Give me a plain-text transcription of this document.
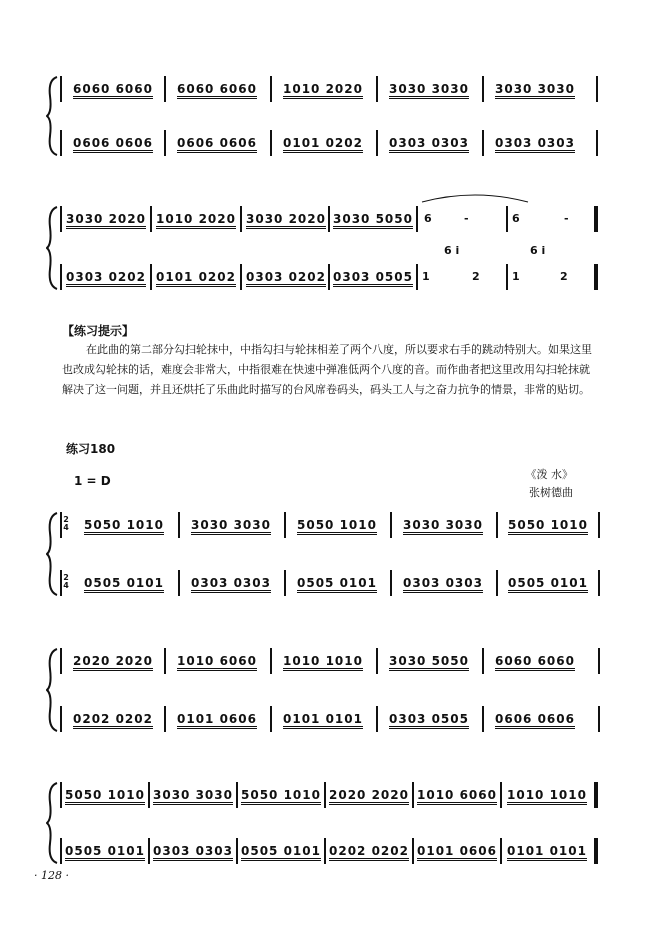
6060 6060 6060 6060 1010 2020 3030 3030 3030 3030
0606 0606 0606 0606 0101 0202 0303 0303 0303 0303
3030 2020 1010 2020 3030 2020 3030 5050 6	-	6	-
0303 0202 0101 0202 0303 0202 0303 0505
6 i
1	2
6 i
1	2
【练习提示】
在此曲的第二部分勾扫轮抹中，中指勾扫与轮抹相差了两个八度，所以要求右手的跳动特别大。如果这里也改成勾轮抹的话，难度会非常大，中指很难在快速中弹准低两个八度的音。而作曲者把这里改用勾扫轮抹就解决了这一问题，并且还烘托了乐曲此时描写的台风席卷码头，码头工人与之奋力抗争的情景，非常的贴切。
练习180
1 = D	《泼 水》
张树德曲
2
4 5050 1010 3030 3030 5050 1010 3030 3030 5050 1010
2
4 0505 0101 0303 0303 0505 0101 0303 0303 0505 0101
2020 2020 1010 6060 1010 1010 3030 5050 6060 6060
0202 0202 0101 0606 0101 0101 0303 0505 0606 0606
5050 1010 3030 3030 5050 1010 2020 2020 1010 6060 1010 1010
0505 0101 0303 0303 0505 0101 0202 0202 0101 0606 0101 0101
· 128 ·
